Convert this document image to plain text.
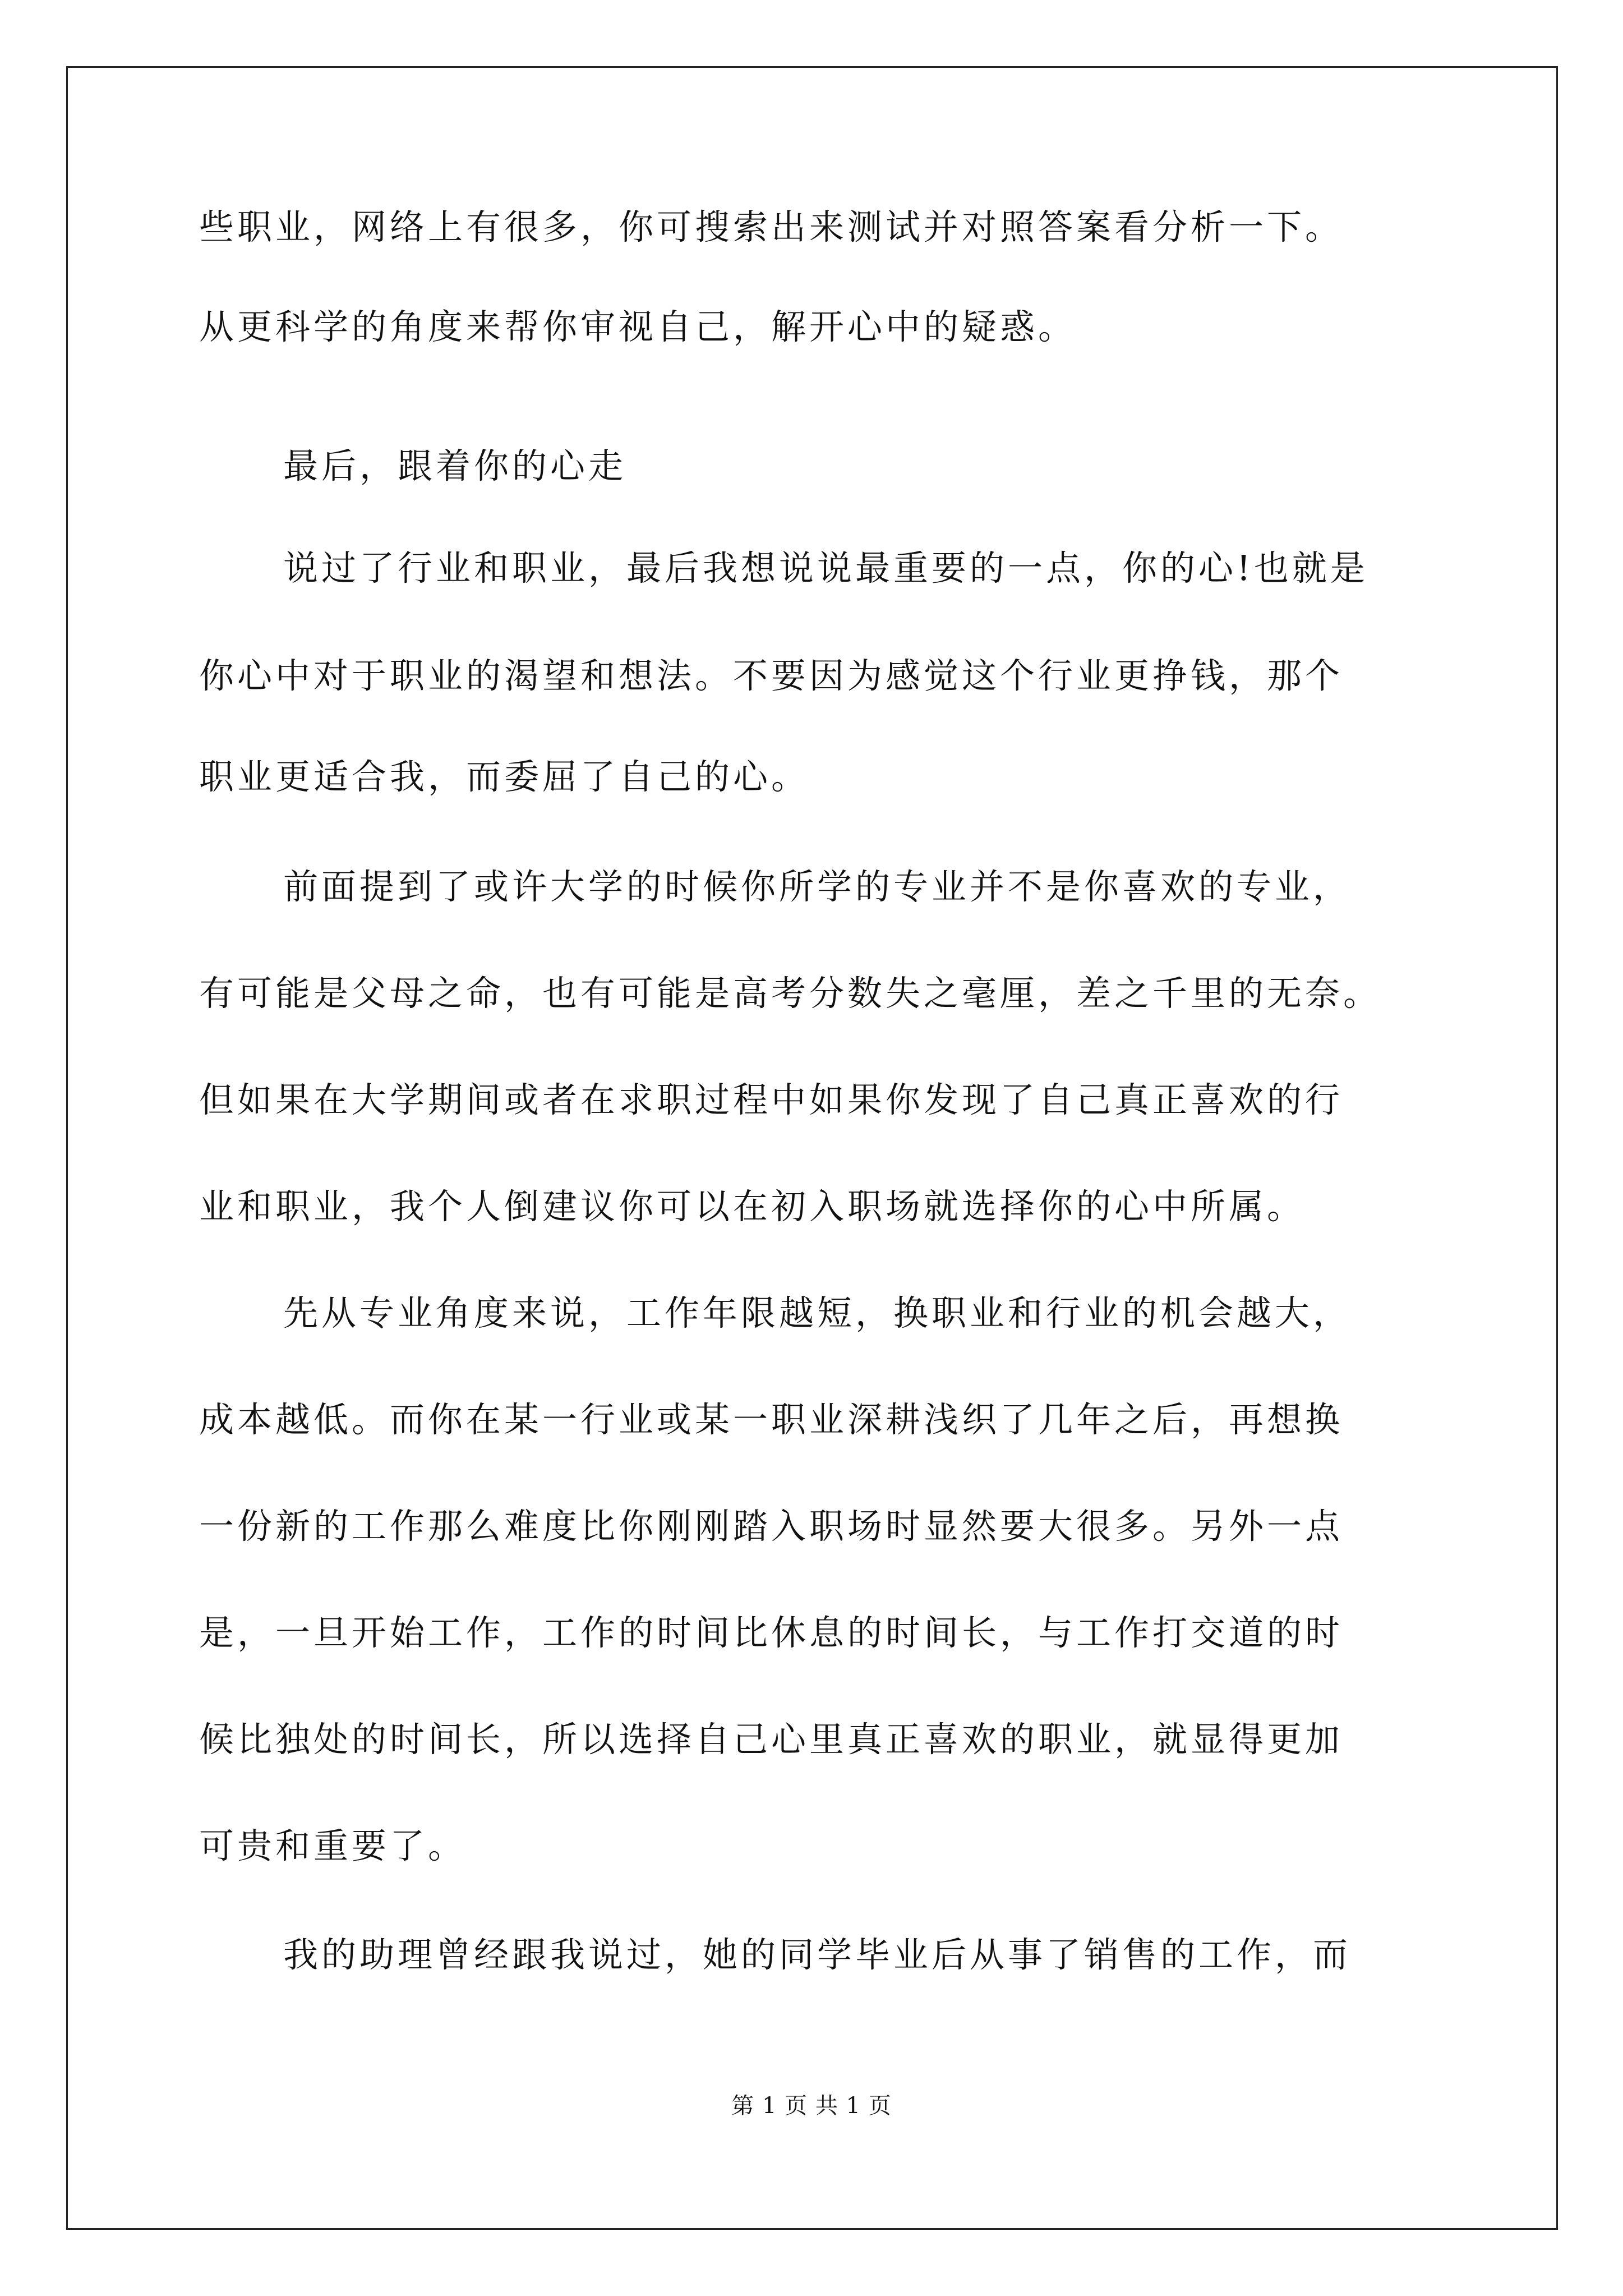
些职业，网络上有很多，你可搜索出来测试并对照答案看分析一下。
从更科学的角度来帮你审视自己，解开心中的疑惑。
最后，跟着你的心走
说过了行业和职业，最后我想说说最重要的一点，你的心!也就是
你心中对于职业的渴望和想法。不要因为感觉这个行业更挣钱，那个
职业更适合我，而委屈了自己的心。
前面提到了或许大学的时候你所学的专业并不是你喜欢的专业，
有可能是父母之命，也有可能是高考分数失之毫厘，差之千里的无奈。
但如果在大学期间或者在求职过程中如果你发现了自己真正喜欢的行
业和职业，我个人倒建议你可以在初入职场就选择你的心中所属。
先从专业角度来说，工作年限越短，换职业和行业的机会越大，
成本越低。而你在某一行业或某一职业深耕浅织了几年之后，再想换
一份新的工作那么难度比你刚刚踏入职场时显然要大很多。另外一点
是，一旦开始工作，工作的时间比休息的时间长，与工作打交道的时
候比独处的时间长，所以选择自己心里真正喜欢的职业，就显得更加
可贵和重要了。
我的助理曾经跟我说过，她的同学毕业后从事了销售的工作，而
第 1 页 共 1 页
